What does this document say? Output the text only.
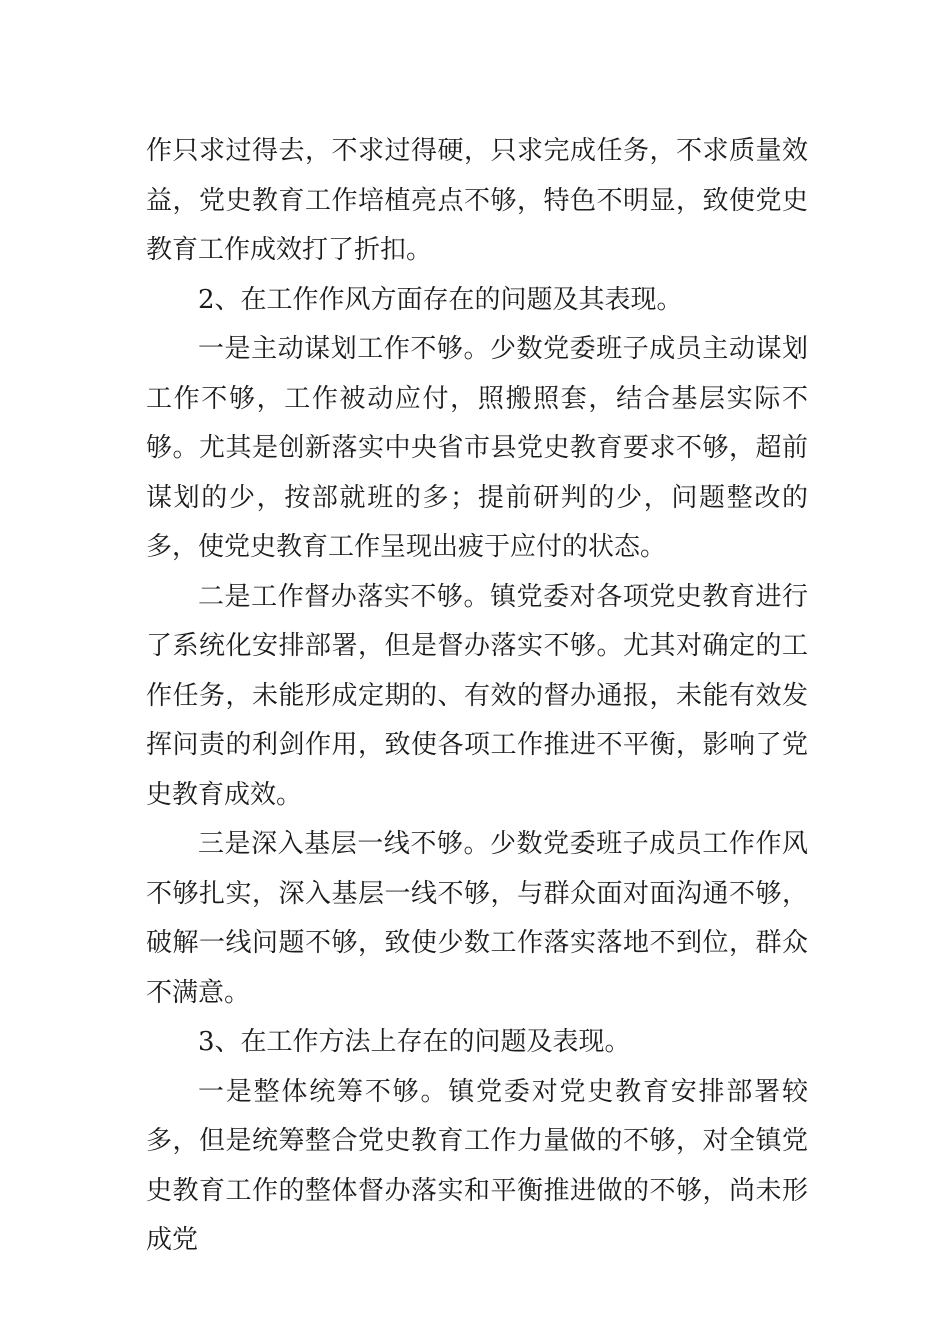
作只求过得去，不求过得硬，只求完成任务，不求质量效益，党史教育工作培植亮点不够，特色不明显，致使党史教育工作成效打了折扣。

2、在工作作风方面存在的问题及其表现。

一是主动谋划工作不够。少数党委班子成员主动谋划工作不够，工作被动应付，照搬照套，结合基层实际不够。尤其是创新落实中央省市县党史教育要求不够，超前谋划的少，按部就班的多；提前研判的少，问题整改的多，使党史教育工作呈现出疲于应付的状态。

二是工作督办落实不够。镇党委对各项党史教育进行了系统化安排部署，但是督办落实不够。尤其对确定的工作任务，未能形成定期的、有效的督办通报，未能有效发挥问责的利剑作用，致使各项工作推进不平衡，影响了党史教育成效。

三是深入基层一线不够。少数党委班子成员工作作风不够扎实，深入基层一线不够，与群众面对面沟通不够，破解一线问题不够，致使少数工作落实落地不到位，群众不满意。

3、在工作方法上存在的问题及表现。

一是整体统筹不够。镇党委对党史教育安排部署较多，但是统筹整合党史教育工作力量做的不够，对全镇党史教育工作的整体督办落实和平衡推进做的不够，尚未形成党
